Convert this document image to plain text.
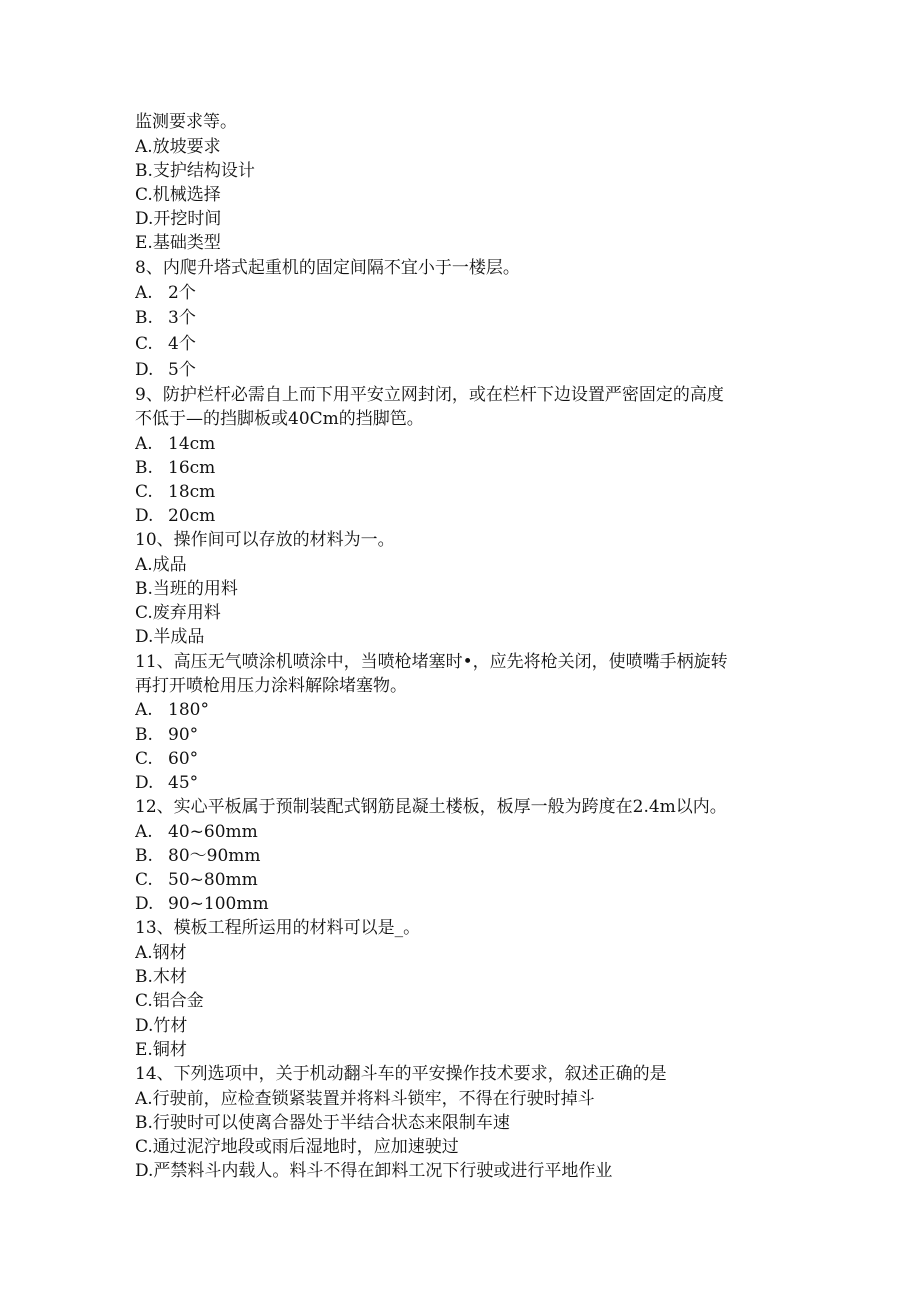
监测要求等。
A.放坡要求
B.支护结构设计
C.机械选择
D.开挖时间
E.基础类型
8、内爬升塔式起重机的固定间隔不宜小于一楼层。
A. 2个
B. 3个
C. 4个
D. 5个
9、防护栏杆必需自上而下用平安立网封闭，或在栏杆下边设置严密固定的高度
不低于—的挡脚板或40Cm的挡脚笆。
A. 14cm
B. 16cm
C. 18cm
D. 20cm
10、操作间可以存放的材料为一。
A.成品
B.当班的用料
C.废弃用料
D.半成品
11、高压无气喷涂机喷涂中，当喷枪堵塞时•，应先将枪关闭，使喷嘴手柄旋转
再打开喷枪用压力涂料解除堵塞物。
A. 180°
B. 90°
C. 60°
D. 45°
12、实心平板属于预制装配式钢筋昆凝土楼板，板厚一般为跨度在2.4m以内。
A. 40~60mm
B. 80〜90mm
C. 50~80mm
D. 90~100mm
13、模板工程所运用的材料可以是_。
A.钢材
B.木材
C.铝合金
D.竹材
E.铜材
14、下列选项中，关于机动翻斗车的平安操作技术要求，叙述正确的是
A.行驶前，应检查锁紧装置并将料斗锁牢，不得在行驶时掉斗
B.行驶时可以使离合器处于半结合状态来限制车速
C.通过泥泞地段或雨后湿地时，应加速驶过
D.严禁料斗内载人。料斗不得在卸料工况下行驶或进行平地作业
